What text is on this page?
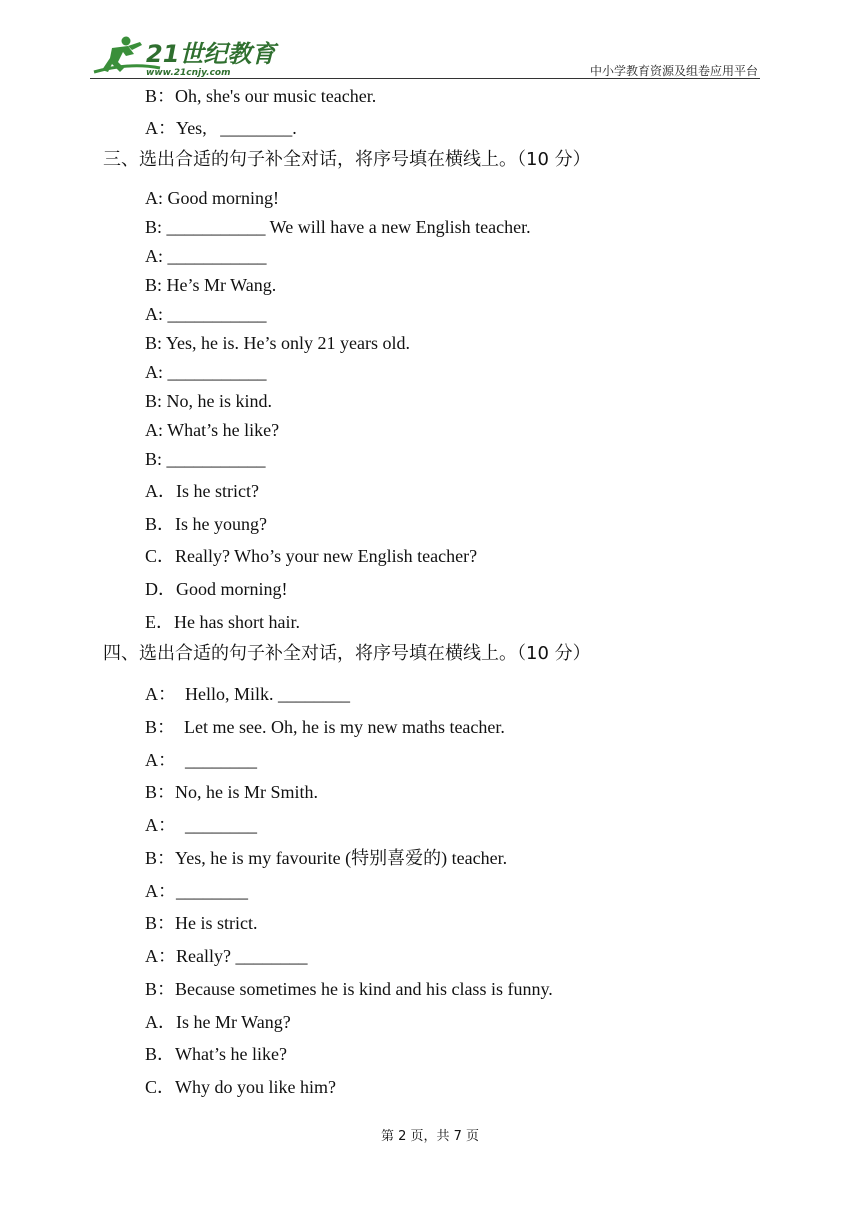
21世纪教育
www.21cnjy.com	中小学教育资源及组卷应用平台
B：Oh, she's our music teacher.
A：Yes,   ________.
三、选出合适的句子补全对话，将序号填在横线上。（10 分）
A: Good morning!
B: ___________ We will have a new English teacher.
A: ___________
B: He’s Mr Wang.
A: ___________
B: Yes, he is. He’s only 21 years old.
A: ___________
B: No, he is kind.
A: What’s he like?
B: ___________
A．Is he strict?
B．Is he young?
C．Really? Who’s your new English teacher?
D．Good morning!
E．He has short hair.
四、选出合适的句子补全对话，将序号填在横线上。（10 分）
A：  Hello, Milk. ________
B：  Let me see. Oh, he is my new maths teacher.
A：  ________
B：No, he is Mr Smith.
A：  ________
B：Yes, he is my favourite (特别喜爱的) teacher.
A：________
B：He is strict.
A：Really? ________
B：Because sometimes he is kind and his class is funny.
A．Is he Mr Wang?
B．What’s he like?
C．Why do you like him?
第 2 页，共 7 页
